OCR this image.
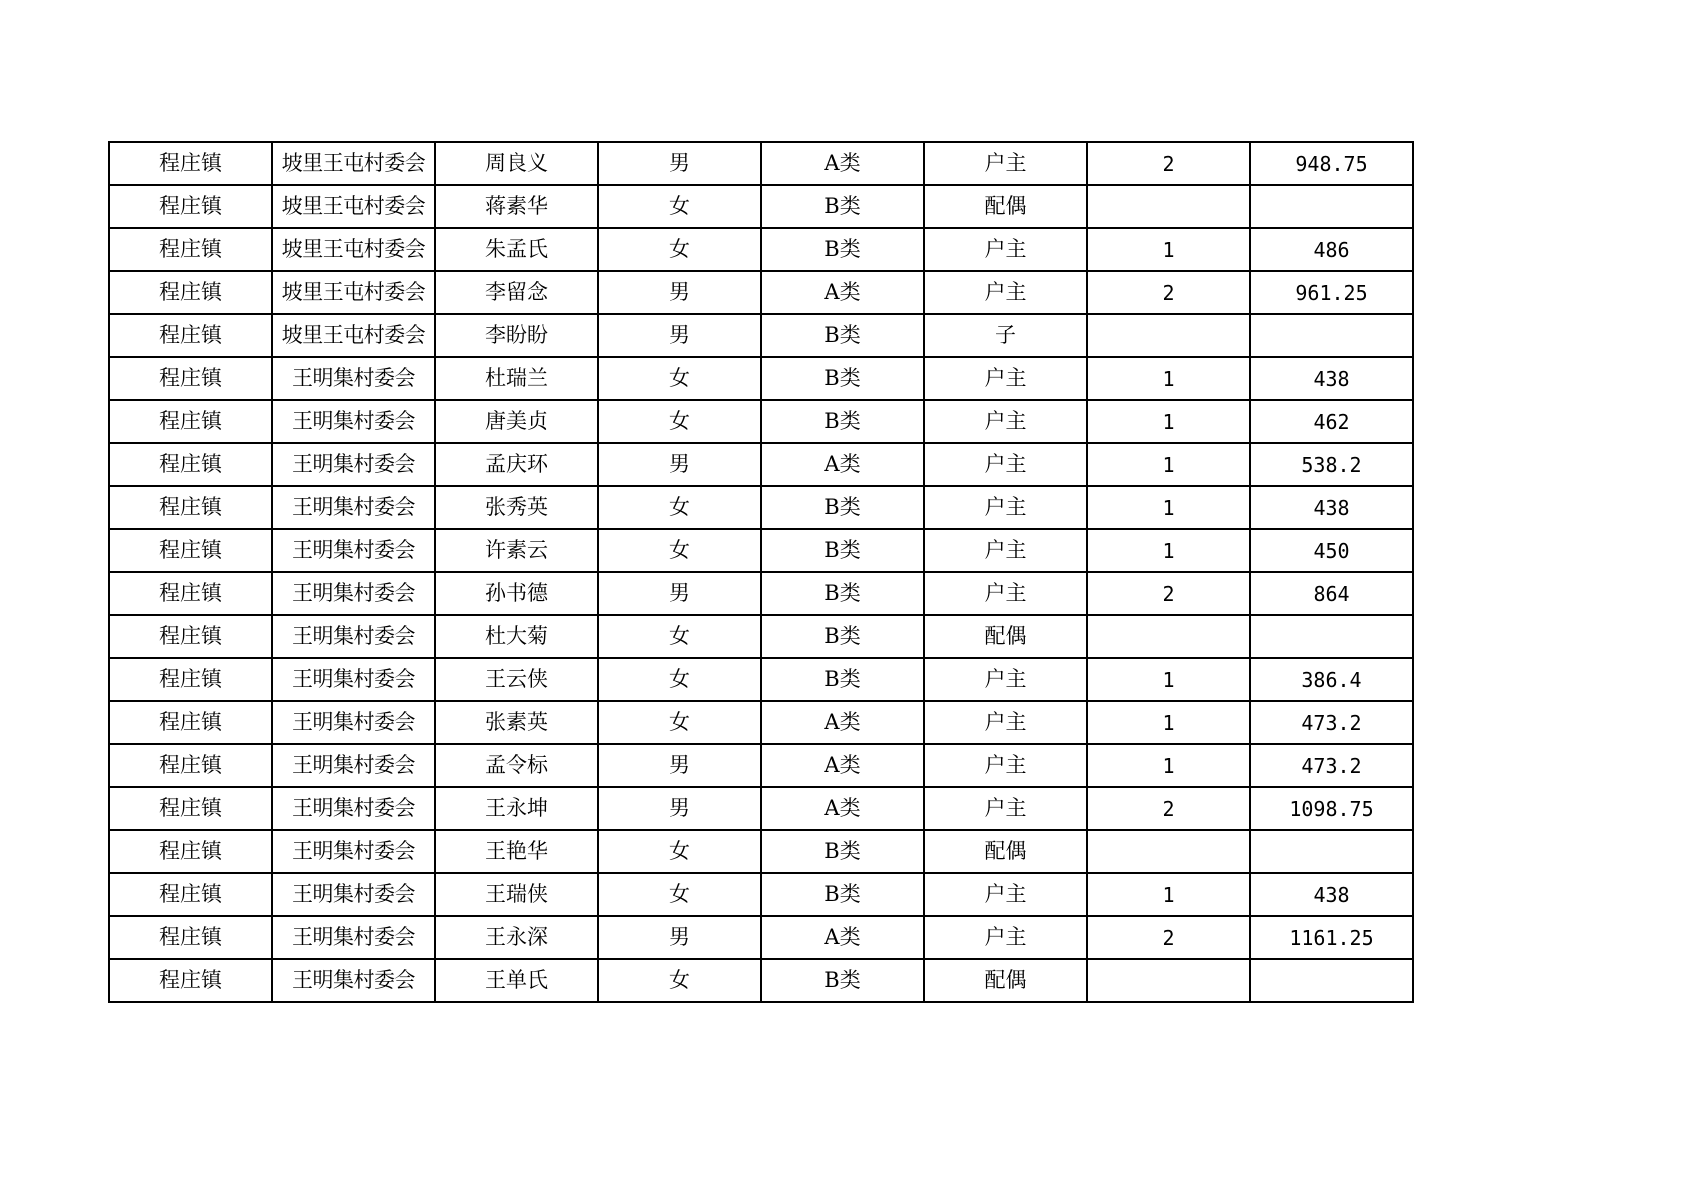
程庄镇	坡里王屯村委会	周良义	男	A类	户主	2	948.75
程庄镇	坡里王屯村委会	蒋素华	女	B类	配偶		
程庄镇	坡里王屯村委会	朱孟氏	女	B类	户主	1	486
程庄镇	坡里王屯村委会	李留念	男	A类	户主	2	961.25
程庄镇	坡里王屯村委会	李盼盼	男	B类	子		
程庄镇	王明集村委会	杜瑞兰	女	B类	户主	1	438
程庄镇	王明集村委会	唐美贞	女	B类	户主	1	462
程庄镇	王明集村委会	孟庆环	男	A类	户主	1	538.2
程庄镇	王明集村委会	张秀英	女	B类	户主	1	438
程庄镇	王明集村委会	许素云	女	B类	户主	1	450
程庄镇	王明集村委会	孙书德	男	B类	户主	2	864
程庄镇	王明集村委会	杜大菊	女	B类	配偶		
程庄镇	王明集村委会	王云侠	女	B类	户主	1	386.4
程庄镇	王明集村委会	张素英	女	A类	户主	1	473.2
程庄镇	王明集村委会	孟令标	男	A类	户主	1	473.2
程庄镇	王明集村委会	王永坤	男	A类	户主	2	1098.75
程庄镇	王明集村委会	王艳华	女	B类	配偶		
程庄镇	王明集村委会	王瑞侠	女	B类	户主	1	438
程庄镇	王明集村委会	王永深	男	A类	户主	2	1161.25
程庄镇	王明集村委会	王单氏	女	B类	配偶		
